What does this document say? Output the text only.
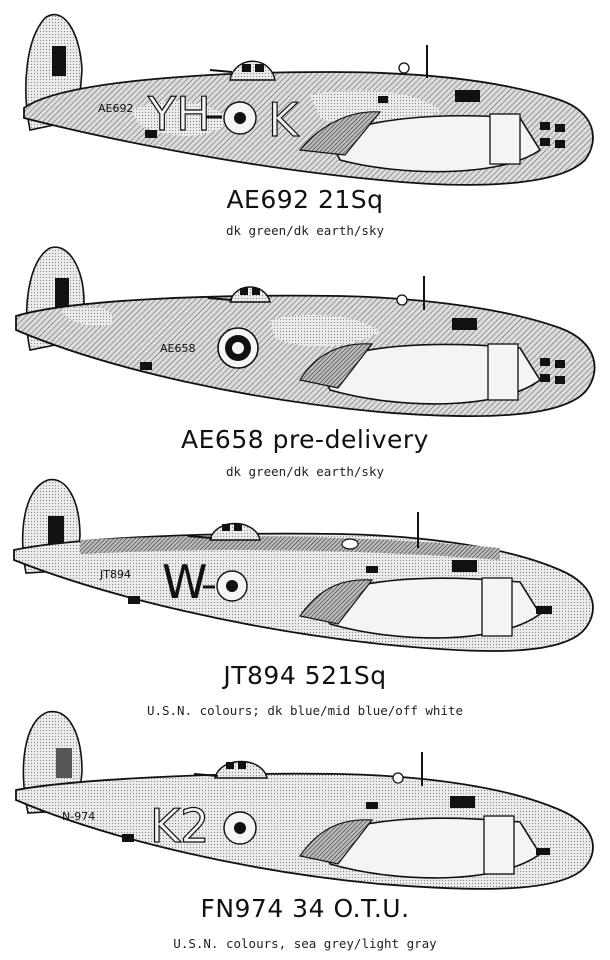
YH K
AE692
AE692 21Sq
dk green/dk earth/sky
AE658
AE658 pre-delivery
dk green/dk earth/sky
W
JT894
JT894 521Sq
U.S.N. colours; dk blue/mid blue/off white
K2
N-974
FN974 34 O.T.U.
U.S.N. colours, sea grey/light gray
